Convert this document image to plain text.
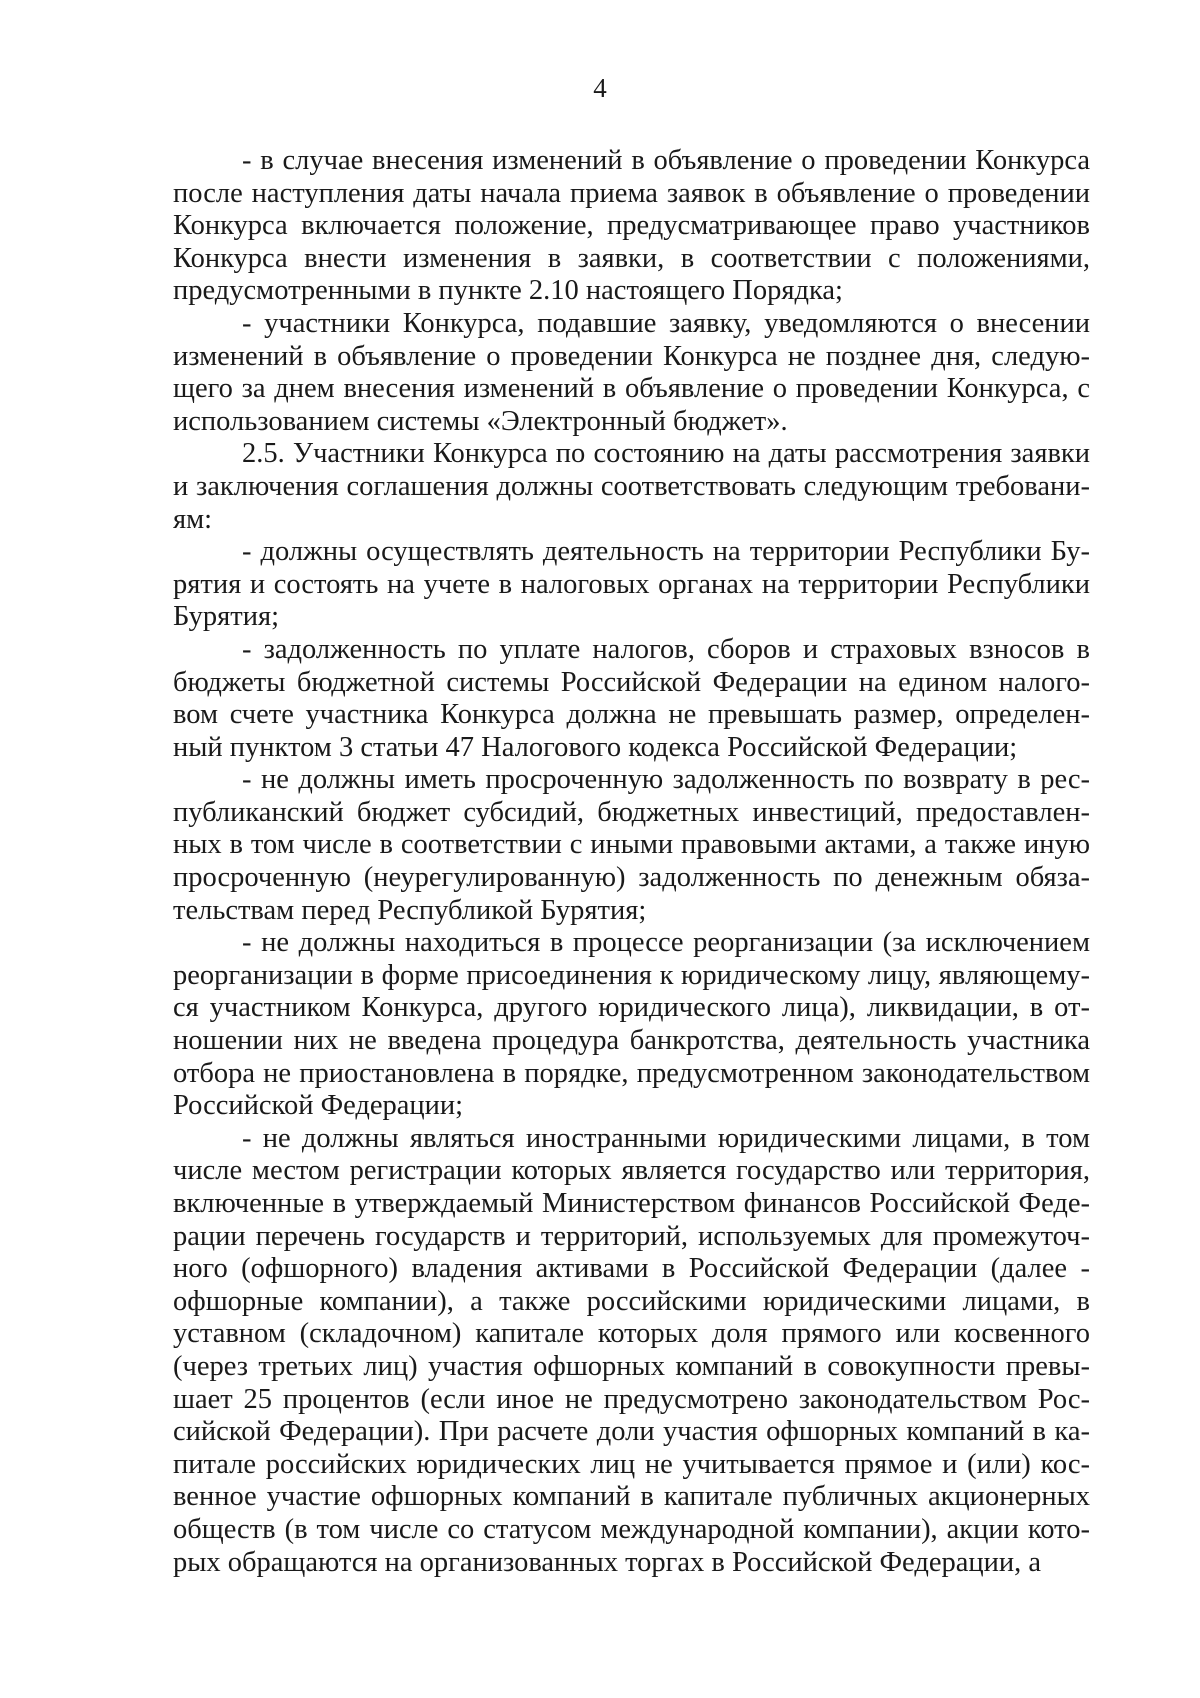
4

- в случае внесения изменений в объявление о проведении Конкурса после наступления даты начала приема заявок в объявление о проведении Конкурса включается положение, предусматривающее право участников Конкурса внести изменения в заявки, в соответствии с положениями, предусмотренными в пункте 2.10 настоящего Порядка;

- участники Конкурса, подавшие заявку, уведомляются о внесении изменений в объявление о проведении Конкурса не позднее дня, следующего за днем внесения изменений в объявление о проведении Конкурса, с использованием системы «Электронный бюджет».

2.5. Участники Конкурса по состоянию на даты рассмотрения заявки и заключения соглашения должны соответствовать следующим требованиям:

- должны осуществлять деятельность на территории Республики Бурятия и состоять на учете в налоговых органах на территории Республики Бурятия;

- задолженность по уплате налогов, сборов и страховых взносов в бюджеты бюджетной системы Российской Федерации на едином налоговом счете участника Конкурса должна не превышать размер, определенный пунктом 3 статьи 47 Налогового кодекса Российской Федерации;

- не должны иметь просроченную задолженность по возврату в республиканский бюджет субсидий, бюджетных инвестиций, предоставленных в том числе в соответствии с иными правовыми актами, а также иную просроченную (неурегулированную) задолженность по денежным обязательствам перед Республикой Бурятия;

- не должны находиться в процессе реорганизации (за исключением реорганизации в форме присоединения к юридическому лицу, являющемуся участником Конкурса, другого юридического лица), ликвидации, в отношении них не введена процедура банкротства, деятельность участника отбора не приостановлена в порядке, предусмотренном законодательством Российской Федерации;

- не должны являться иностранными юридическими лицами, в том числе местом регистрации которых является государство или территория, включенные в утверждаемый Министерством финансов Российской Федерации перечень государств и территорий, используемых для промежуточного (офшорного) владения активами в Российской Федерации (далее - офшорные компании), а также российскими юридическими лицами, в уставном (складочном) капитале которых доля прямого или косвенного (через третьих лиц) участия офшорных компаний в совокупности превышает 25 процентов (если иное не предусмотрено законодательством Российской Федерации). При расчете доли участия офшорных компаний в капитале российских юридических лиц не учитывается прямое и (или) косвенное участие офшорных компаний в капитале публичных акционерных обществ (в том числе со статусом международной компании), акции которых обращаются на организованных торгах в Российской Федерации, а
